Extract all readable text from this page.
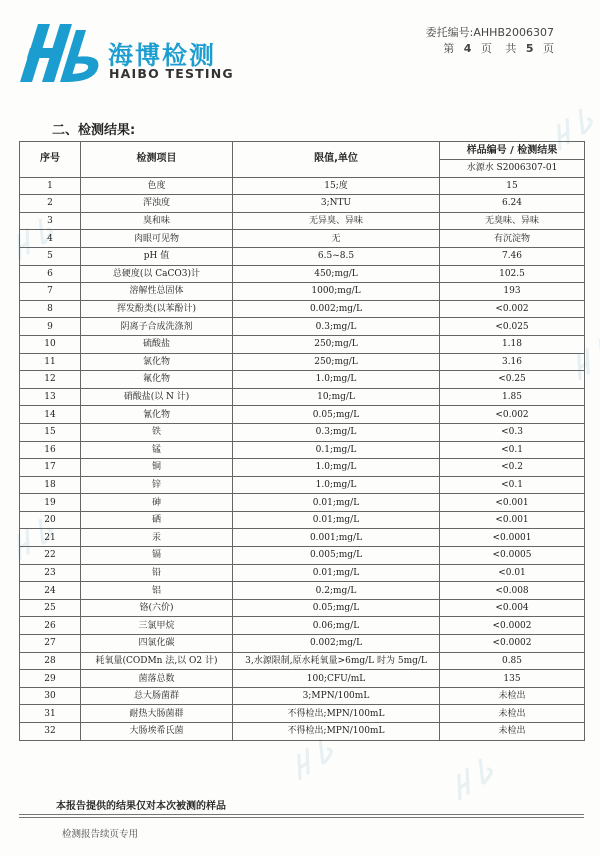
海博检测
HAIBO TESTING
委托编号:AHHB2006307
第 4 页 共 5 页
二、检测结果:
序号	检测项目	限值,单位	样品编号 / 检测结果
			水源水 S2006307-01
1	色度	15;度	15
2	浑浊度	3;NTU	6.24
3	臭和味	无异臭、异味	无臭味、异味
4	肉眼可见物	无	有沉淀物
5	pH 值	6.5~8.5	7.46
6	总硬度(以 CaCO3)计	450;mg/L	102.5
7	溶解性总固体	1000;mg/L	193
8	挥发酚类(以苯酚计)	0.002;mg/L	<0.002
9	阴离子合成洗涤剂	0.3;mg/L	<0.025
10	硫酸盐	250;mg/L	1.18
11	氯化物	250;mg/L	3.16
12	氟化物	1.0;mg/L	<0.25
13	硝酸盐(以 N 计)	10;mg/L	1.85
14	氰化物	0.05;mg/L	<0.002
15	铁	0.3;mg/L	<0.3
16	锰	0.1;mg/L	<0.1
17	铜	1.0;mg/L	<0.2
18	锌	1.0;mg/L	<0.1
19	砷	0.01;mg/L	<0.001
20	硒	0.01;mg/L	<0.001
21	汞	0.001;mg/L	<0.0001
22	镉	0.005;mg/L	<0.0005
23	铅	0.01;mg/L	<0.01
24	铝	0.2;mg/L	<0.008
25	铬(六价)	0.05;mg/L	<0.004
26	三氯甲烷	0.06;mg/L	<0.0002
27	四氯化碳	0.002;mg/L	<0.0002
28	耗氧量(CODMn 法,以 O2 计)	3,水源限制,原水耗氧量>6mg/L 时为 5mg/L	0.85
29	菌落总数	100;CFU/mL	135
30	总大肠菌群	3;MPN/100mL	未检出
31	耐热大肠菌群	不得检出;MPN/100mL	未检出
32	大肠埃希氏菌	不得检出;MPN/100mL	未检出
本报告提供的结果仅对本次被测的样品
检测报告续页专用
